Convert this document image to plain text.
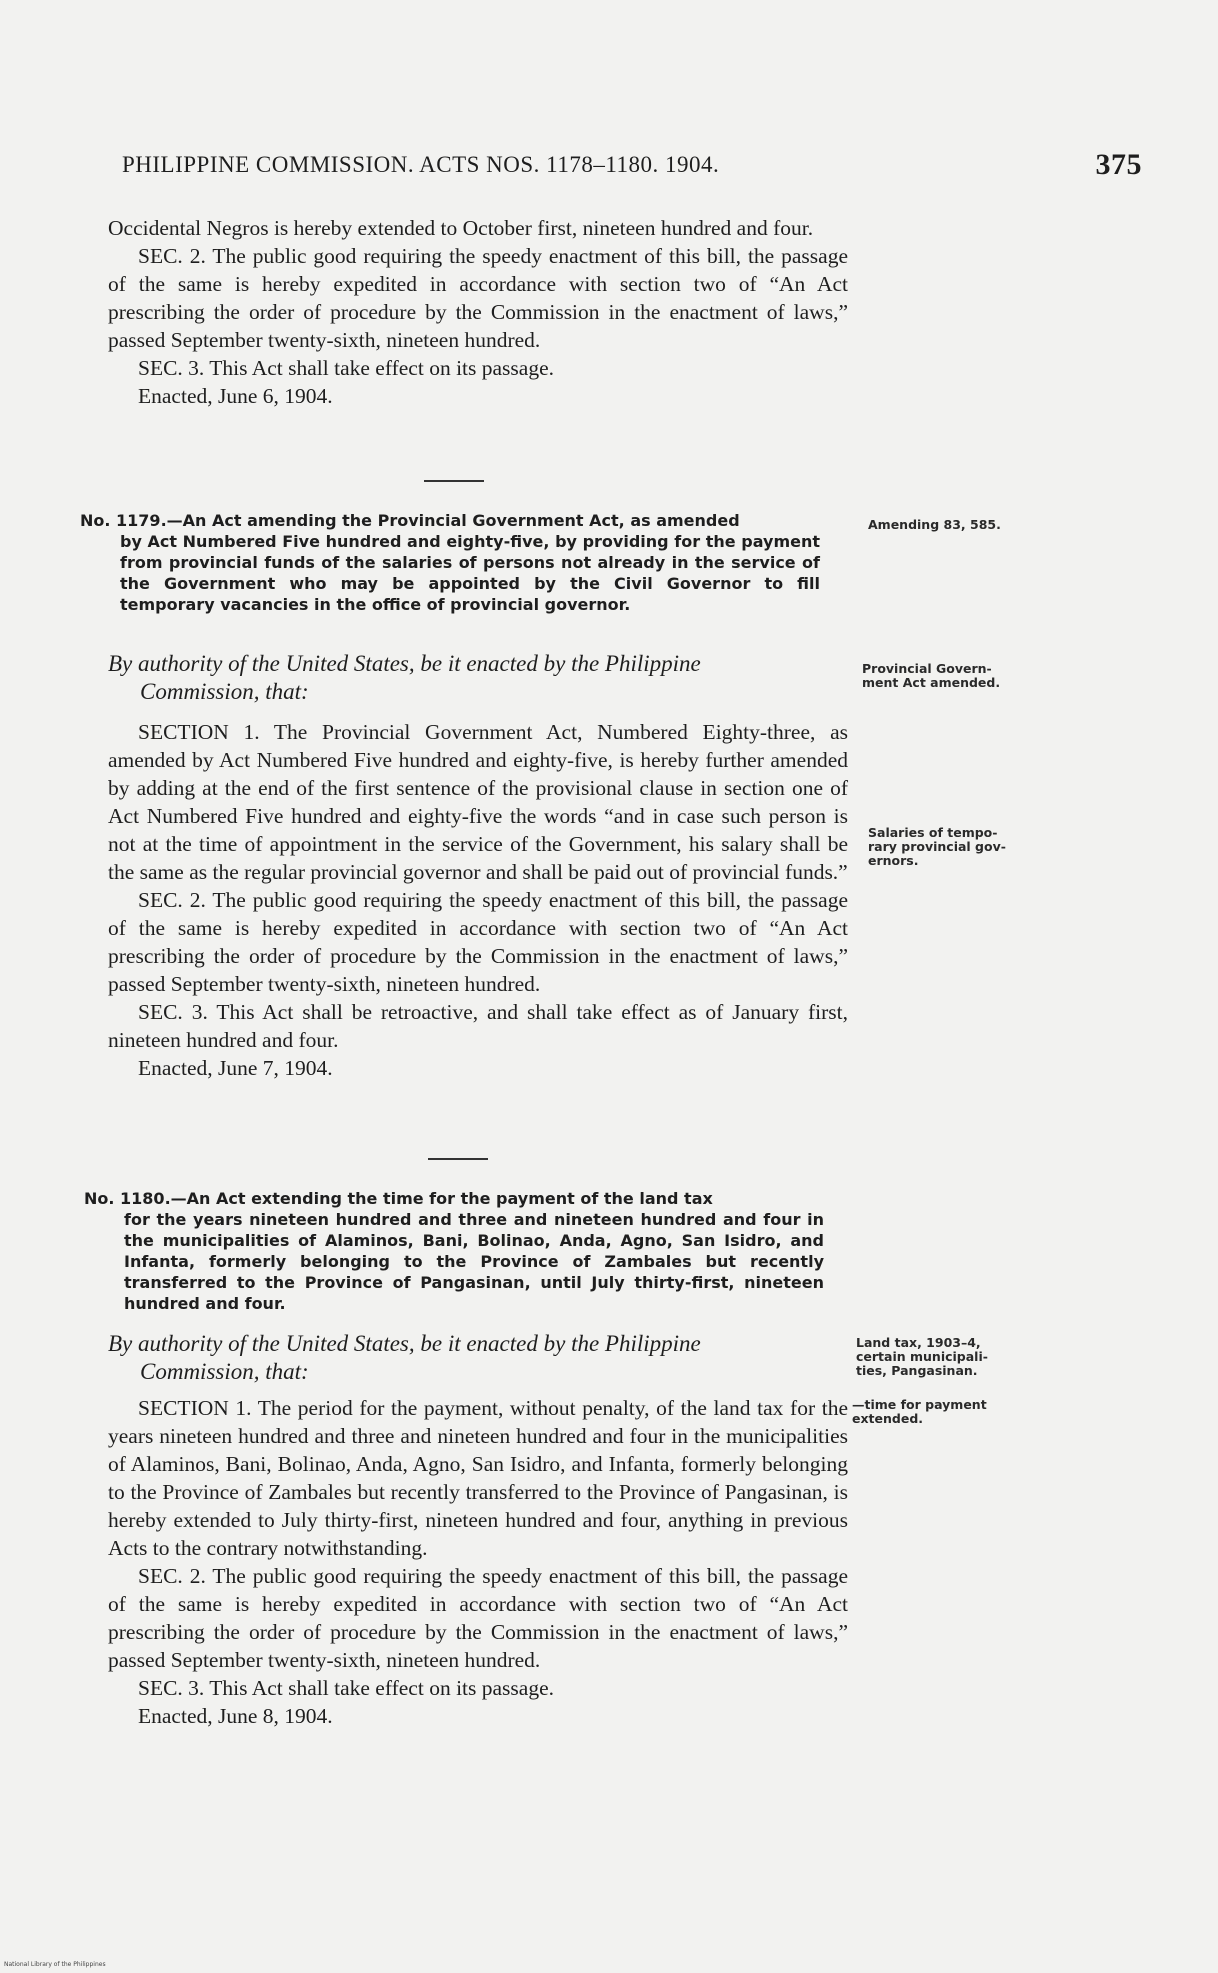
PHILIPPINE COMMISSION. ACTS NOS. 1178–1180. 1904.	375

Occidental Negros is hereby extended to October first, nineteen hundred and four.

SEC. 2. The public good requiring the speedy enactment of this bill, the passage of the same is hereby expedited in accordance with section two of “An Act prescribing the order of procedure by the Commission in the enactment of laws,” passed September twenty-sixth, nineteen hundred.

SEC. 3. This Act shall take effect on its passage.

Enacted, June 6, 1904.

No. 1179.—An Act amending the Provincial Government Act, as amended
by Act Numbered Five hundred and eighty-five, by providing for the payment from provincial funds of the salaries of persons not already in the service of the Government who may be appointed by the Civil Governor to fill temporary vacancies in the office of provincial governor.
Amending 83, 585.
By authority of the United States, be it enacted by the Philippine
Commission, that:
Provincial Govern-
ment Act amended.

SECTION 1. The Provincial Government Act, Numbered Eighty-three, as amended by Act Numbered Five hundred and eighty-five, is hereby further amended by adding at the end of the first sentence of the provisional clause in section one of Act Numbered Five hundred and eighty-five the words “and in case such person is not at the time of appointment in the service of the Government, his salary shall be the same as the regular provincial governor and shall be paid out of provincial funds.”

SEC. 2. The public good requiring the speedy enactment of this bill, the passage of the same is hereby expedited in accordance with section two of “An Act prescribing the order of procedure by the Commission in the enactment of laws,” passed September twenty-sixth, nineteen hundred.

SEC. 3. This Act shall be retroactive, and shall take effect as of January first, nineteen hundred and four.

Enacted, June 7, 1904.

Salaries of tempo-
rary provincial gov-
ernors.
No. 1180.—An Act extending the time for the payment of the land tax
for the years nineteen hundred and three and nineteen hundred and four in the municipalities of Alaminos, Bani, Bolinao, Anda, Agno, San Isidro, and Infanta, formerly belonging to the Province of Zambales but recently transferred to the Province of Pangasinan, until July thirty-first, nineteen hundred and four.
By authority of the United States, be it enacted by the Philippine
Commission, that:
Land tax, 1903–4,
certain municipali-
ties, Pangasinan.

SECTION 1. The period for the payment, without penalty, of the land tax for the years nineteen hundred and three and nineteen hundred and four in the municipalities of Alaminos, Bani, Bolinao, Anda, Agno, San Isidro, and Infanta, formerly belonging to the Province of Zambales but recently transferred to the Province of Pangasinan, is hereby extended to July thirty-first, nineteen hundred and four, anything in previous Acts to the contrary notwithstanding.

SEC. 2. The public good requiring the speedy enactment of this bill, the passage of the same is hereby expedited in accordance with section two of “An Act prescribing the order of procedure by the Commission in the enactment of laws,” passed September twenty-sixth, nineteen hundred.

SEC. 3. This Act shall take effect on its passage.

Enacted, June 8, 1904.

—time for payment
extended.
National Library of the Philippines
